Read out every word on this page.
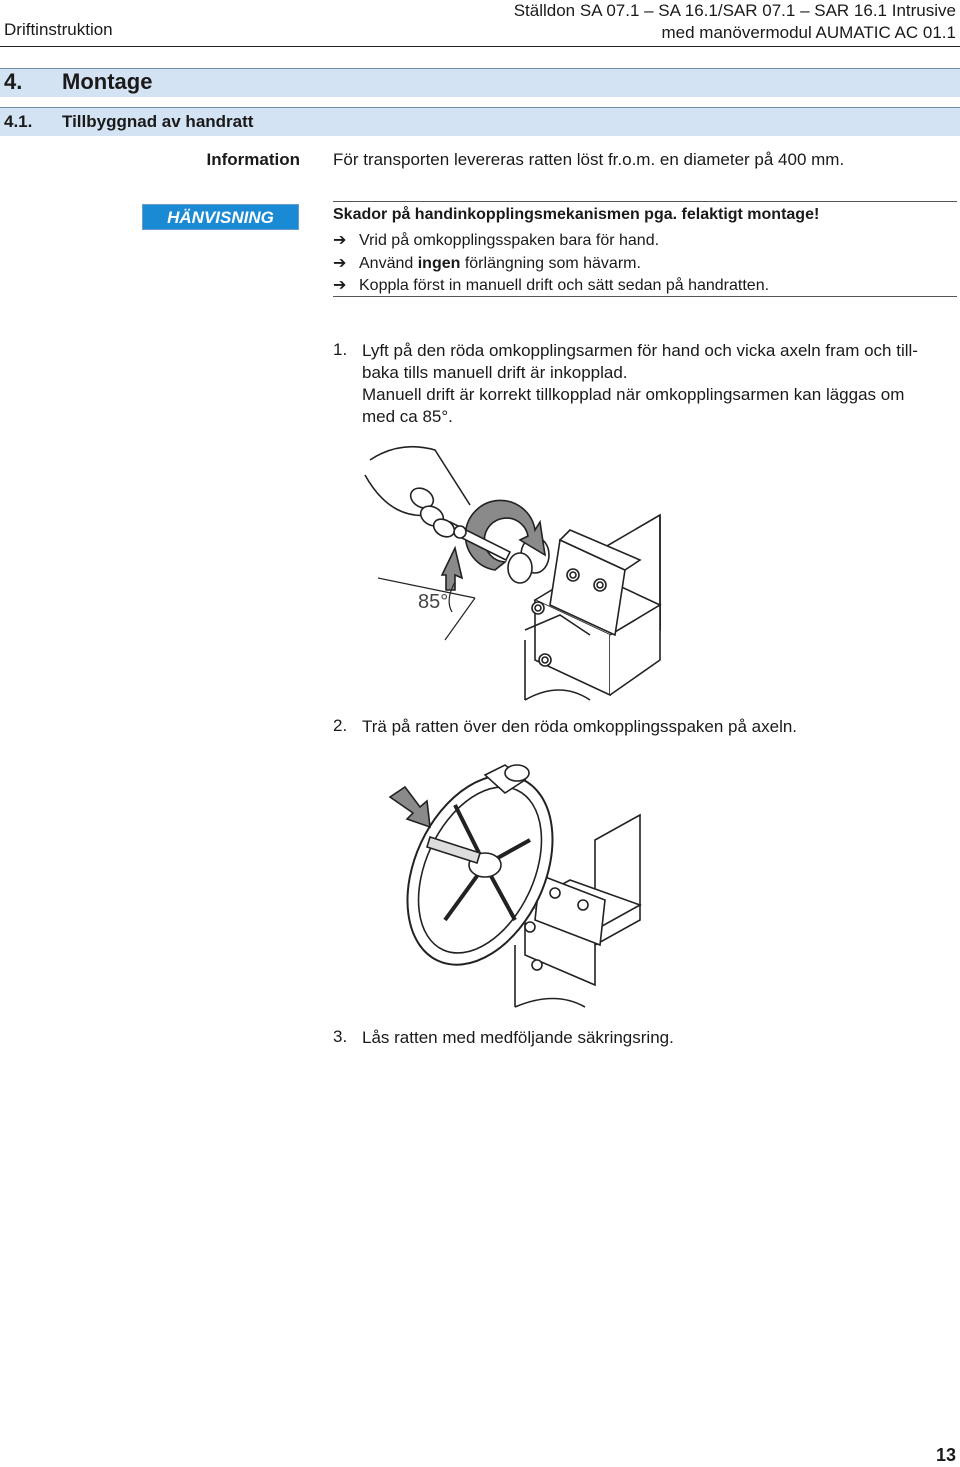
Driftinstruktion
Ställdon SA 07.1 – SA 16.1/SAR 07.1 – SAR 16.1 Intrusive
med manövermodul AUMATIC AC 01.1
4. Montage
4.1. Tillbyggnad av handratt
Information För transporten levereras ratten löst fr.o.m. en diameter på 400 mm.
HÄNVISNING	Skador på handinkopplingsmekanismen pga. felaktigt montage!
➔ Vrid på omkopplingsspaken bara för hand.
➔ Använd ingen förlängning som hävarm.
➔ Koppla först in manuell drift och sätt sedan på handratten.
1. Lyft på den röda omkopplingsarmen för hand och vicka axeln fram och till-
baka tills manuell drift är inkopplad.
Manuell drift är korrekt tillkopplad när omkopplingsarmen kan läggas om
med ca 85°.
85°
2. Trä på ratten över den röda omkopplingsspaken på axeln.
3. Lås ratten med medföljande säkringsring.
13
